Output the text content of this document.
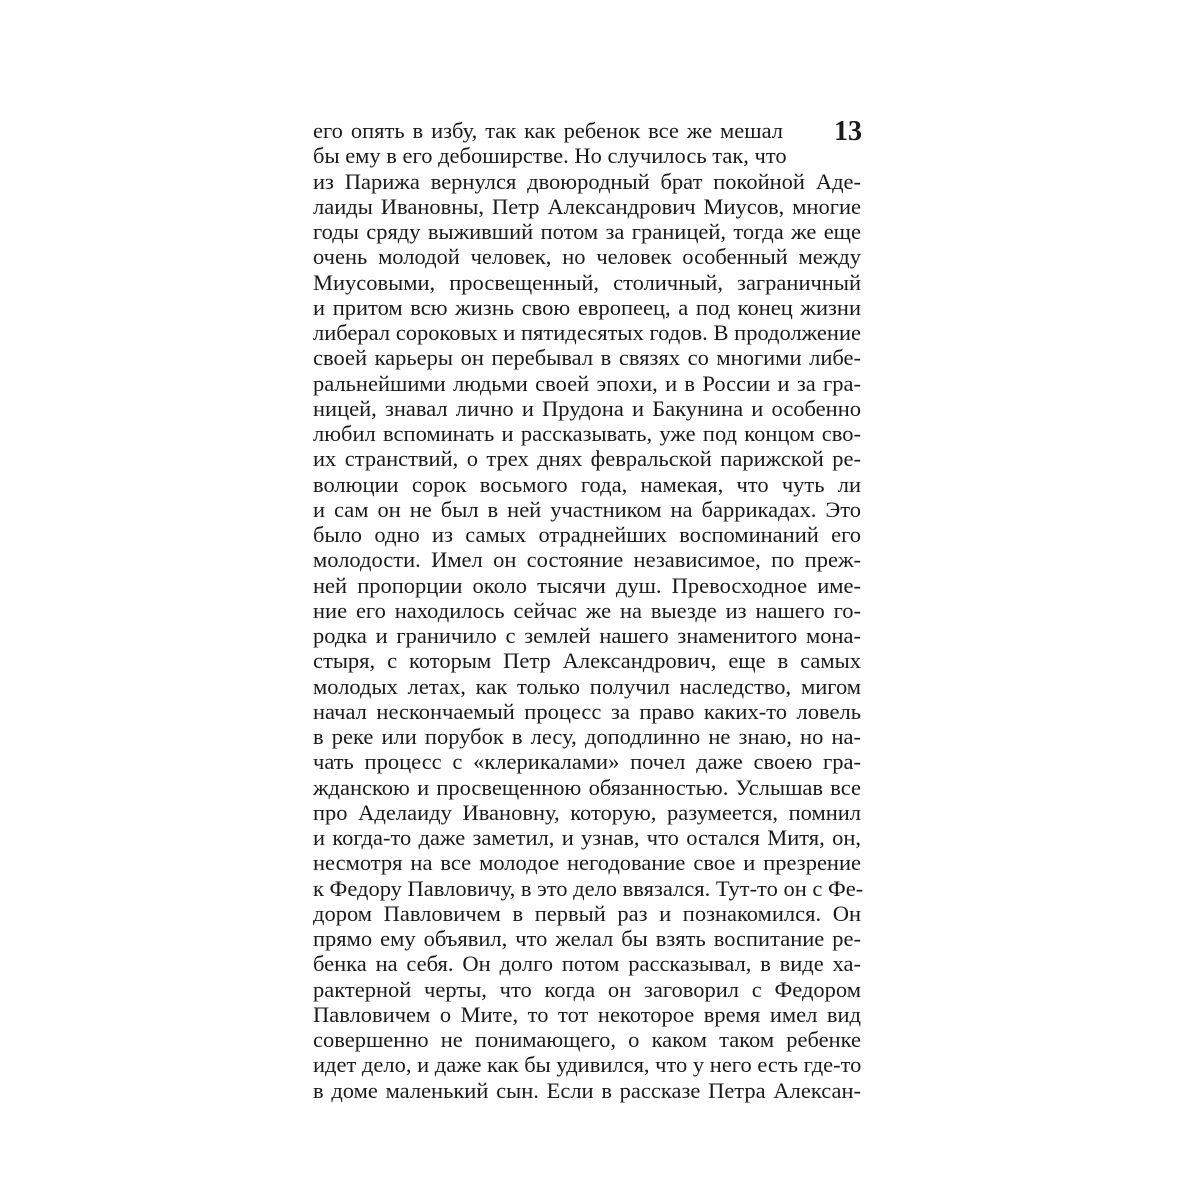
13
его опять в избу, так как ребенок все же мешал
бы ему в его дебоширстве. Но случилось так, что
из Парижа вернулся двоюродный брат покойной Аде-
лаиды Ивановны, Петр Александрович Миусов, многие
годы сряду выживший потом за границей, тогда же еще
очень молодой человек, но человек особенный между
Миусовыми, просвещенный, столичный, заграничный
и притом всю жизнь свою европеец, а под конец жизни
либерал сороковых и пятидесятых годов. В продолжение
своей карьеры он перебывал в связях со многими либе-
ральнейшими людьми своей эпохи, и в России и за гра-
ницей, знавал лично и Прудона и Бакунина и особенно
любил вспоминать и рассказывать, уже под концом сво-
их странствий, о трех днях февральской парижской ре-
волюции сорок восьмого года, намекая, что чуть ли
и сам он не был в ней участником на баррикадах. Это
было одно из самых отраднейших воспоминаний его
молодости. Имел он состояние независимое, по преж-
ней пропорции около тысячи душ. Превосходное име-
ние его находилось сейчас же на выезде из нашего го-
родка и граничило с землей нашего знаменитого мона-
стыря, с которым Петр Александрович, еще в самых
молодых летах, как только получил наследство, мигом
начал нескончаемый процесс за право каких-то ловель
в реке или порубок в лесу, доподлинно не знаю, но на-
чать процесс с «клерикалами» почел даже своею гра-
жданскою и просвещенною обязанностью. Услышав все
про Аделаиду Ивановну, которую, разумеется, помнил
и когда-то даже заметил, и узнав, что остался Митя, он,
несмотря на все молодое негодование свое и презрение
к Федору Павловичу, в это дело ввязался. Тут-то он с Фе-
дором Павловичем в первый раз и познакомился. Он
прямо ему объявил, что желал бы взять воспитание ре-
бенка на себя. Он долго потом рассказывал, в виде ха-
рактерной черты, что когда он заговорил с Федором
Павловичем о Мите, то тот некоторое время имел вид
совершенно не понимающего, о каком таком ребенке
идет дело, и даже как бы удивился, что у него есть где-то
в доме маленький сын. Если в рассказе Петра Алексан-
